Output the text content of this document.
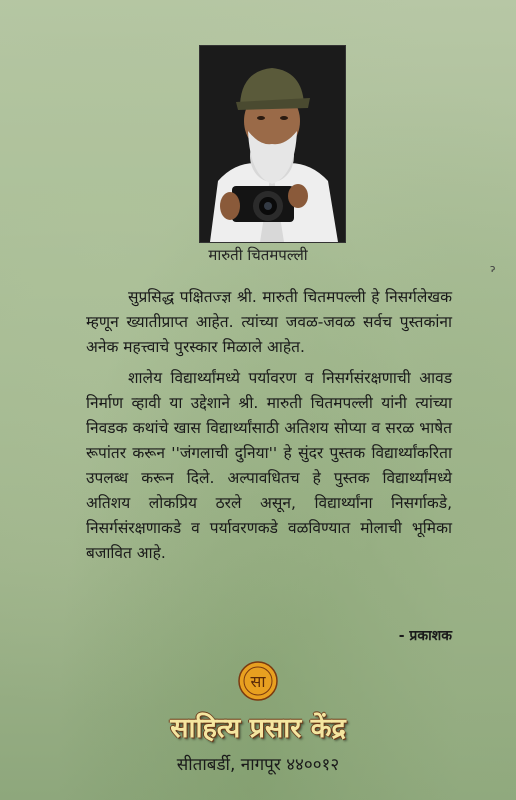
मारुती चितमपल्ली
ɂ

सुप्रसिद्ध पक्षितज्ज्ञ श्री. मारुती चितमपल्ली हे निसर्गलेखक म्हणून ख्यातीप्राप्त आहेत. त्यांच्या जवळ-जवळ सर्वच पुस्तकांना अनेक महत्त्वाचे पुरस्कार मिळाले आहेत.

शालेय विद्यार्थ्यांमध्ये पर्यावरण व निसर्गसंरक्षणाची आवड निर्माण व्हावी या उद्देशाने श्री. मारुती चितमपल्ली यांनी त्यांच्या निवडक कथांचे खास विद्यार्थ्यांसाठी अतिशय सोप्या व सरळ भाषेत रूपांतर करून ''जंगलाची दुनिया'' हे सुंदर पुस्तक विद्यार्थ्यांकरिता उपलब्ध करून दिले. अल्पावधितच हे पुस्तक विद्यार्थ्यांमध्ये अतिशय लोकप्रिय ठरले असून, विद्यार्थ्यांना निसर्गाकडे, निसर्गसंरक्षणाकडे व पर्यावरणकडे वळविण्यात मोलाची भूमिका बजावित आहे.

- प्रकाशक
सा
साहित्य प्रसार केंद्र
सीताबर्डी, नागपूर ४४००१२
